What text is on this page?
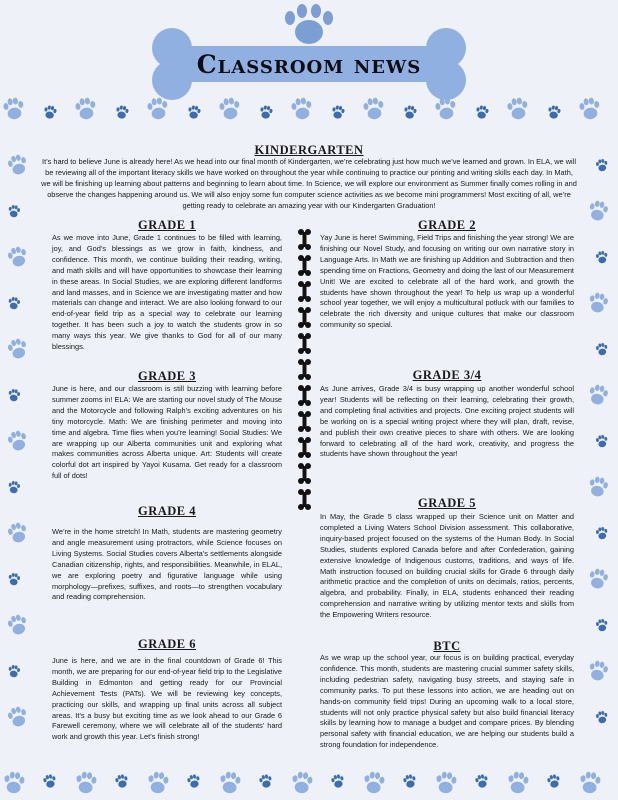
Classroom news
KINDERGARTEN

It’s hard to believe June is already here! As we head into our final month of Kindergarten, we’re celebrating just how much we’ve learned and grown. In ELA, we will be reviewing all of the important literacy skills we have worked on throughout the year while continuing to practice our printing and writing skills each day. In Math, we will be finishing up learning about patterns and beginning to learn about time. In Science, we will explore our environment as Summer finally comes rolling in and observe the changes happening around us. We will also enjoy some fun computer science activities as we become mini programmers! Most exciting of all, we’re getting ready to celebrate an amazing year with our Kindergarten Graduation!

GRADE 1

As we move into June, Grade 1 continues to be filled with learning, joy, and God’s blessings as we grow in faith, kindness, and confidence. This month, we continue building their reading, writing, and math skills and will have opportunities to showcase their learning in these areas. In Social Studies, we are exploring different landforms and land masses, and in Science we are investigating matter and how materials can change and interact. We are also looking forward to our end-of-year field trip as a special way to celebrate our learning together. It has been such a joy to watch the students grow in so many ways this year. We give thanks to God for all of our many blessings.

GRADE 3

June is here, and our classroom is still buzzing with learning before summer zooms in! ELA: We are starting our novel study of The Mouse and the Motorcycle and following Ralph’s exciting adventures on his tiny motorcycle. Math: We are finishing perimeter and moving into time and algebra. Time flies when you’re learning! Social Studies: We are wrapping up our Alberta communities unit and exploring what makes communities across Alberta unique. Art: Students will create colorful dot art inspired by Yayoi Kusama. Get ready for a classroom full of dots!

GRADE 4

We’re in the home stretch! In Math, students are mastering geometry and angle measurement using protractors, while Science focuses on Living Systems. Social Studies covers Alberta’s settlements alongside Canadian citizenship, rights, and responsibilities. Meanwhile, in ELAL, we are exploring poetry and figurative language while using morphology—prefixes, suffixes, and roots—to strengthen vocabulary and reading comprehension.

GRADE 6

June is here, and we are in the final countdown of Grade 6! This month, we are preparing for our end-of-year field trip to the Legislative Building in Edmonton and getting ready for our Provincial Achievement Tests (PATs). We will be reviewing key concepts, practicing our skills, and wrapping up final units across all subject areas. It’s a busy but exciting time as we look ahead to our Grade 6 Farewell ceremony, where we will celebrate all of the students’ hard work and growth this year. Let’s finish strong!

GRADE 2

Yay June is here! Swimming, Field Trips and finishing the year strong! We are finishing our Novel Study, and focusing on writing our own narrative story in Language Arts. In Math we are finishing up Addition and Subtraction and then spending time on Fractions, Geometry and doing the last of our Measurement Unit! We are excited to celebrate all of the hard work, and growth the students have shown throughout the year! To help us wrap up a wonderful school year together, we will enjoy a multicultural potluck with our families to celebrate the rich diversity and unique cultures that make our classroom community so special.

GRADE 3/4

As June arrives, Grade 3/4 is busy wrapping up another wonderful school year! Students will be reflecting on their learning, celebrating their growth, and completing final activities and projects. One exciting project students will be working on is a special writing project where they will plan, draft, revise, and publish their own creative pieces to share with others. We are looking forward to celebrating all of the hard work, creativity, and progress the students have shown throughout the year!

GRADE 5

In May, the Grade 5 class wrapped up their Science unit on Matter and completed a Living Waters School Division assessment. This collaborative, inquiry-based project focused on the systems of the Human Body. In Social Studies, students explored Canada before and after Confederation, gaining extensive knowledge of Indigenous customs, traditions, and ways of life. Math instruction focused on building crucial skills for Grade 6 through daily arithmetic practice and the completion of units on decimals, ratios, percents, algebra, and probability. Finally, in ELA, students enhanced their reading comprehension and narrative writing by utilizing mentor texts and skills from the Empowering Writers resource.

BTC

As we wrap up the school year, our focus is on building practical, everyday confidence. This month, students are mastering crucial summer safety skills, including pedestrian safety, navigating busy streets, and staying safe in community parks. To put these lessons into action, we are heading out on hands-on community field trips! During an upcoming walk to a local store, students will not only practice physical safety but also build financial literacy skills by learning how to manage a budget and compare prices. By blending personal safety with financial education, we are helping our students build a strong foundation for independence.
